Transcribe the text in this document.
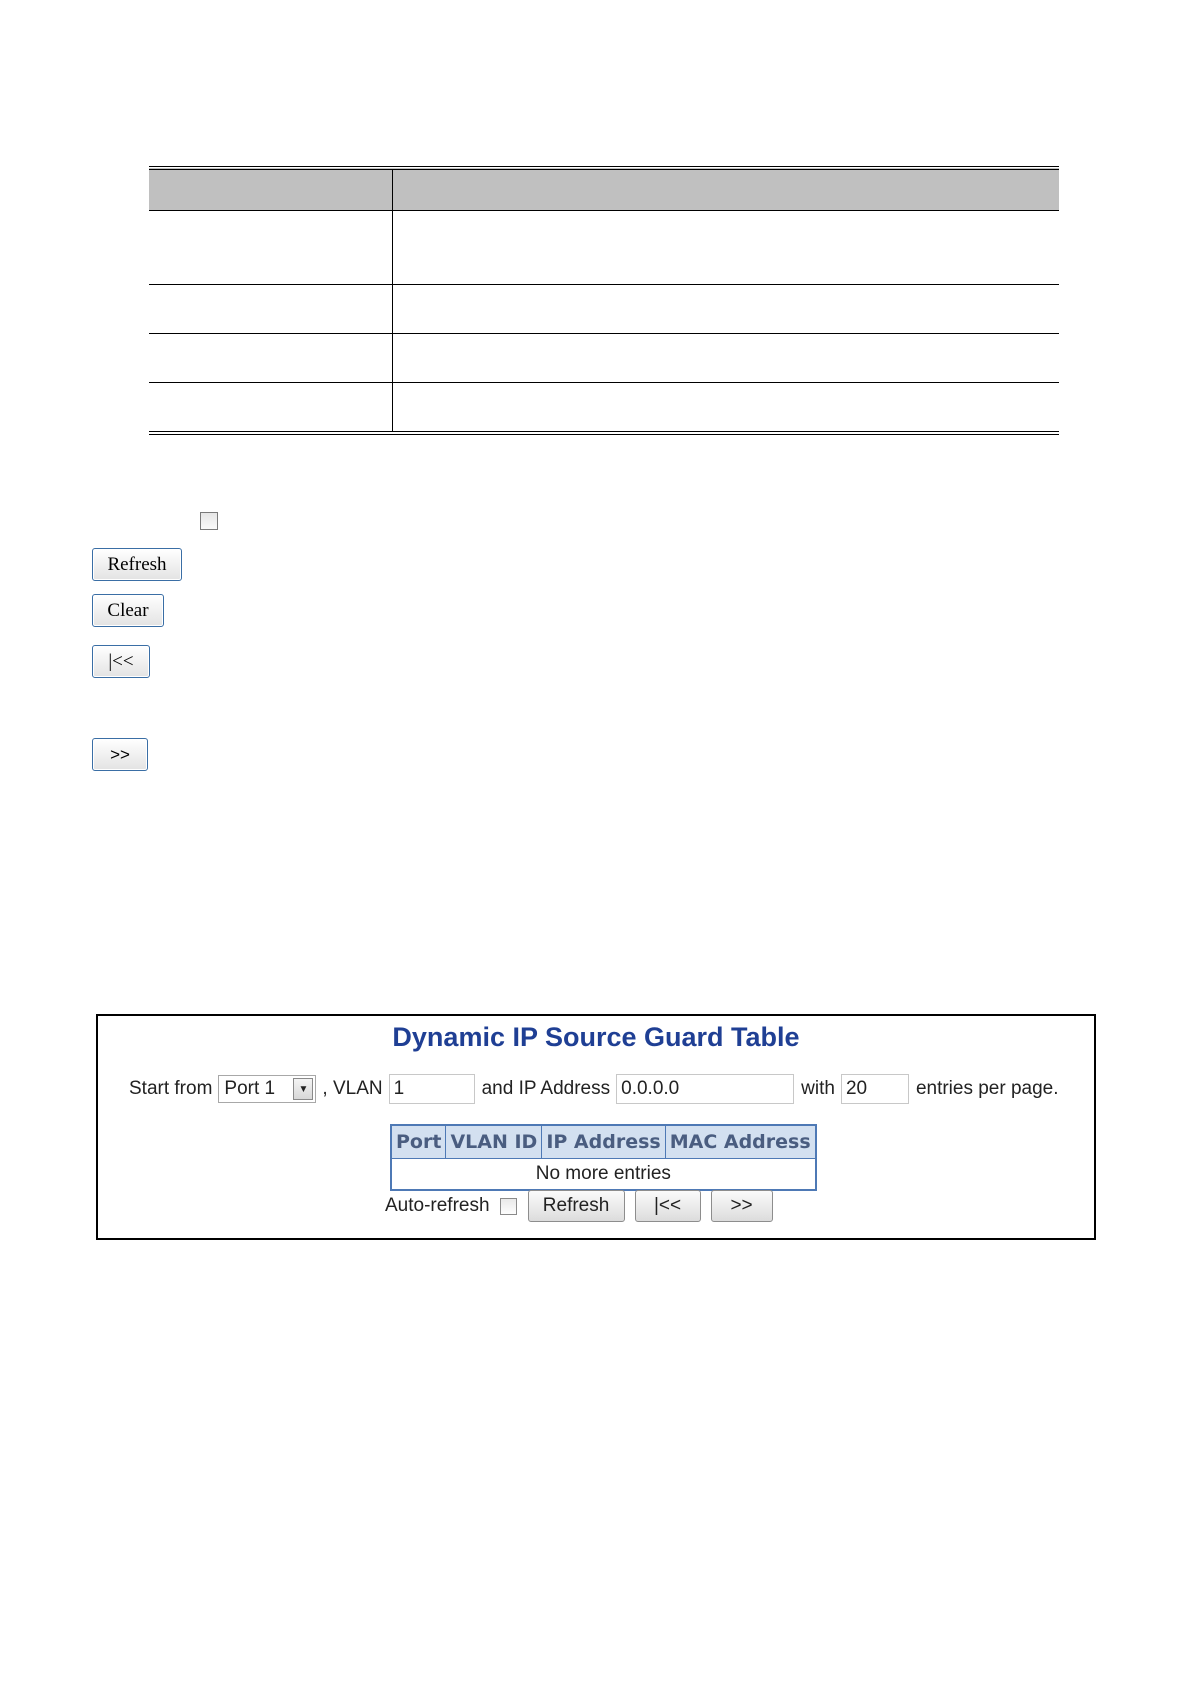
Refresh
Clear
|<<
>>
Dynamic IP Source Guard Table
Start from Port 1	▼ , VLAN 1	and IP Address 0.0.0.0	with 20	entries per page.
Port	VLAN ID	IP Address	MAC Address
No more entries
Auto-refresh	Refresh	|<<	>>
